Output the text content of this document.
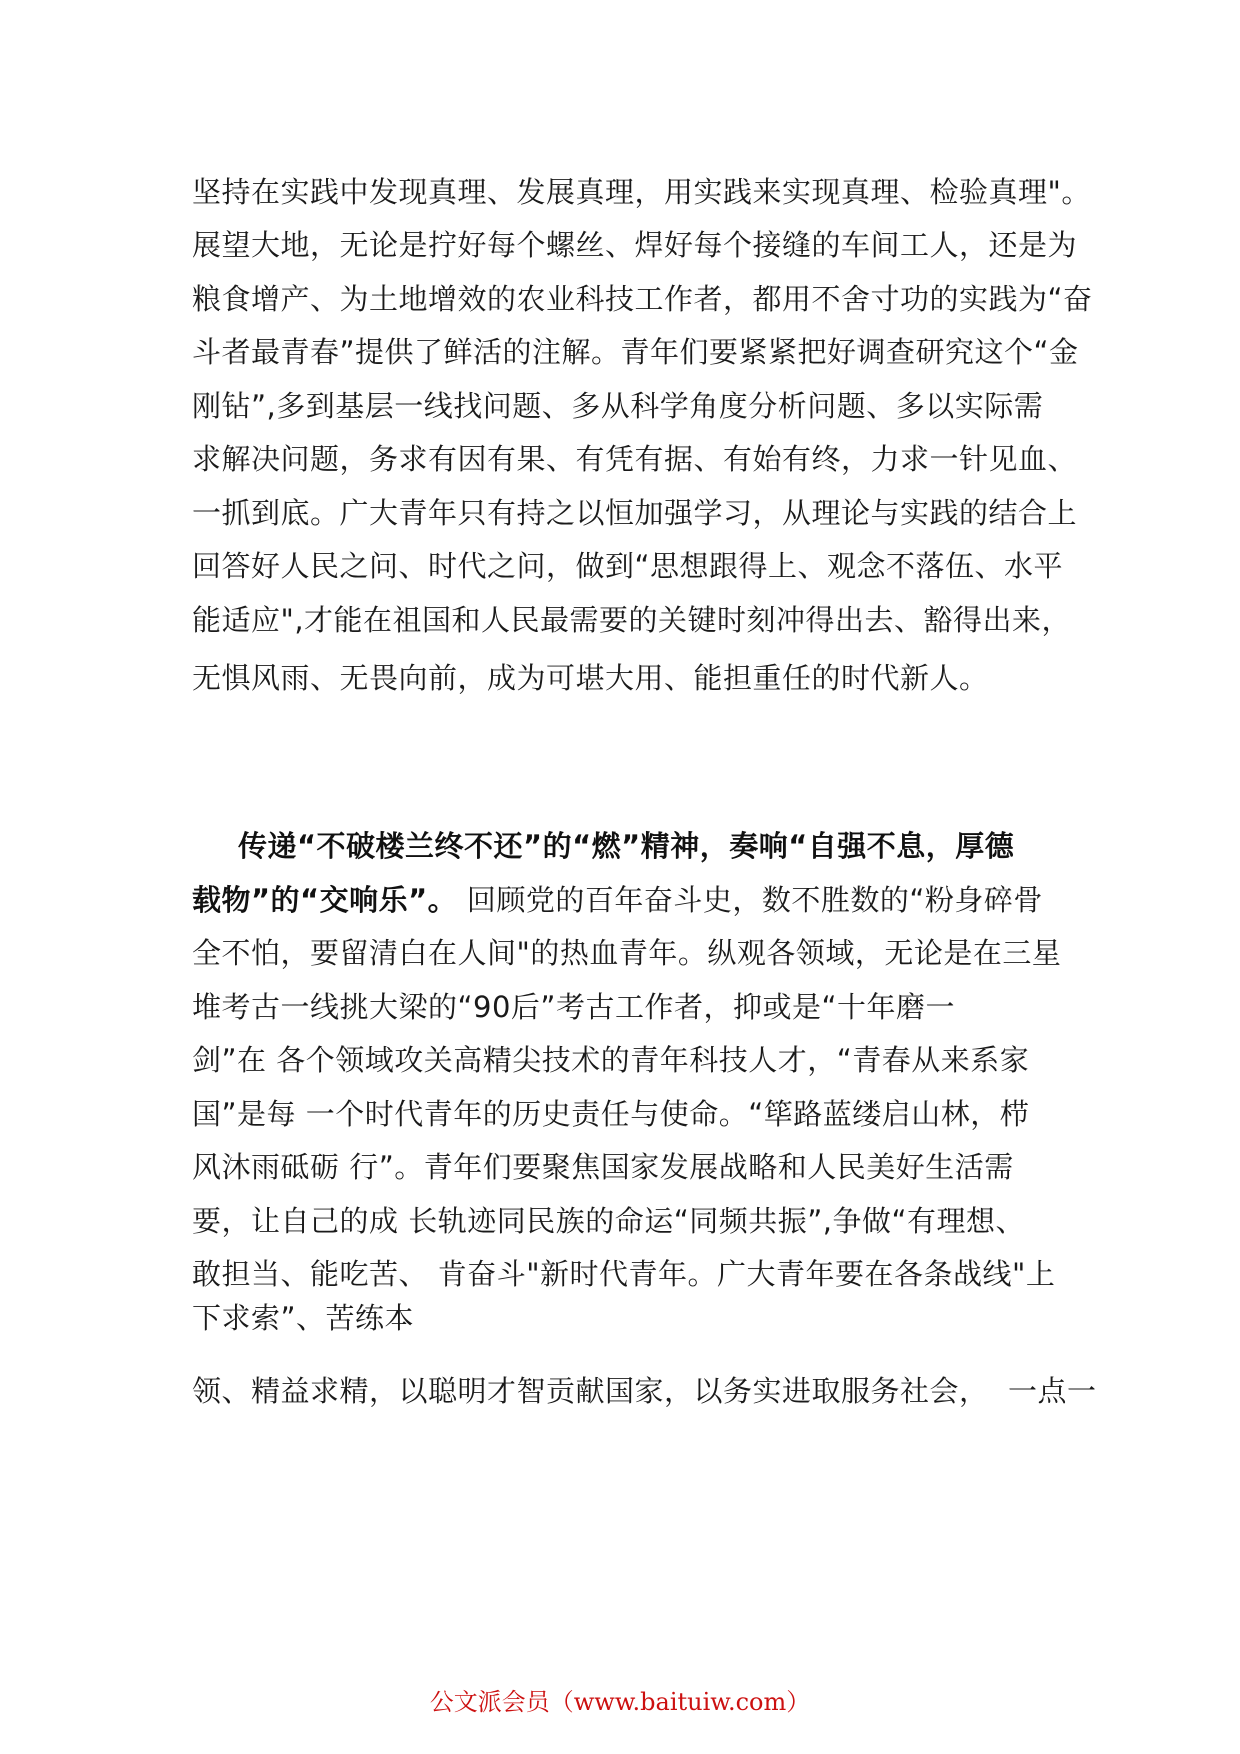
坚持在实践中发现真理、发展真理，用实践来实现真理、检验真理"。
展望大地，无论是拧好每个螺丝、焊好每个接缝的车间工人，还是为
粮食增产、为土地增效的农业科技工作者，都用不舍寸功的实践为“奋
斗者最青春”提供了鲜活的注解。青年们要紧紧把好调查研究这个“金
刚钻”,多到基层一线找问题、多从科学角度分析问题、多以实际需
求解决问题，务求有因有果、有凭有据、有始有终，力求一针见血、
一抓到底。广大青年只有持之以恒加强学习，从理论与实践的结合上
回答好人民之问、时代之问，做到“思想跟得上、观念不落伍、水平
能适应",才能在祖国和人民最需要的关键时刻冲得出去、豁得出来，
无惧风雨、无畏向前，成为可堪大用、能担重任的时代新人。
传递“不破楼兰终不还”的“燃”精神，奏响“自强不息，厚德
载物”的“交响乐”。 回顾党的百年奋斗史，数不胜数的“粉身碎骨
全不怕，要留清白在人间"的热血青年。纵观各领域，无论是在三星
堆考古一线挑大梁的“90后”考古工作者，抑或是“十年磨一
剑”在 各个领域攻关高精尖技术的青年科技人才，“青春从来系家
国”是每 一个时代青年的历史责任与使命。“筚路蓝缕启山林，栉
风沐雨砥砺 行”。青年们要聚焦国家发展战略和人民美好生活需
要，让自己的成 长轨迹同民族的命运“同频共振”,争做“有理想、
敢担当、能吃苦、 肯奋斗"新时代青年。广大青年要在各条战线"上
下求索”、苦练本
领、精益求精，以聪明才智贡献国家，以务实进取服务社会，  一点一
公文派会员（www.baituiw.com）
